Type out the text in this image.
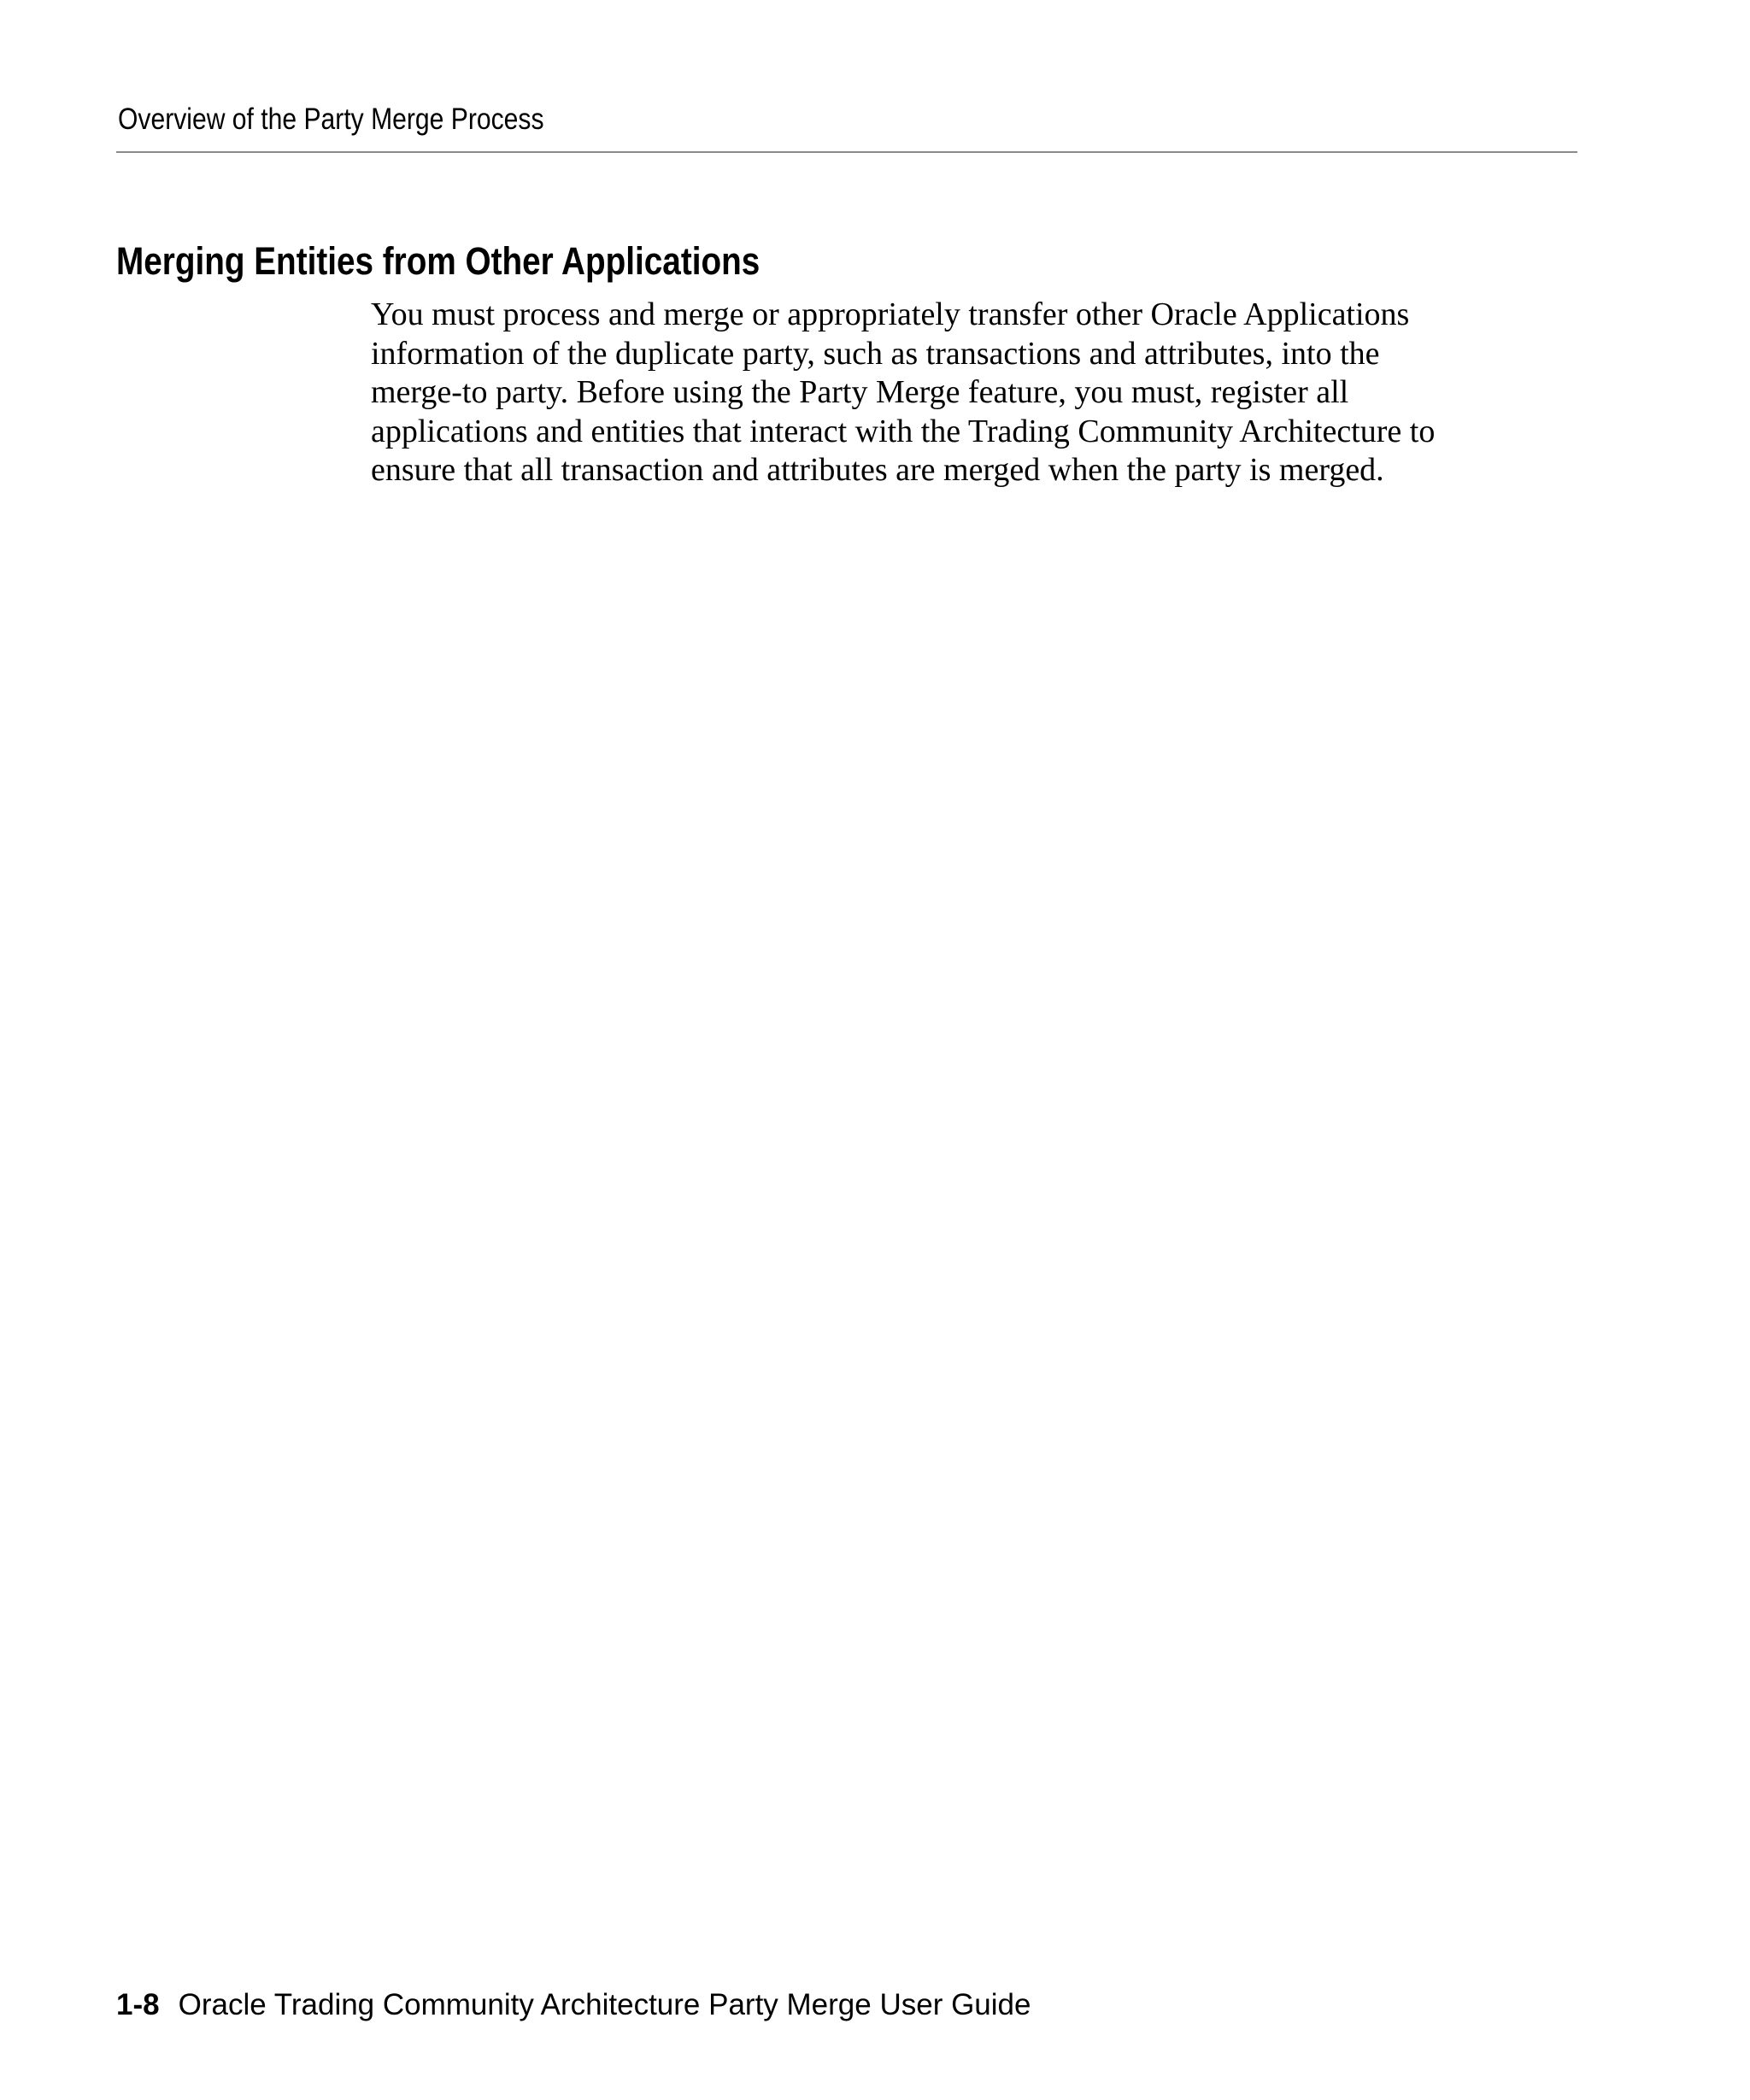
Overview of the Party Merge Process
Merging Entities from Other Applications

You must process and merge or appropriately transfer other Oracle Applications
information of the duplicate party, such as transactions and attributes, into the
merge-to party. Before using the Party Merge feature, you must, register all
applications and entities that interact with the Trading Community Architecture to
ensure that all transaction and attributes are merged when the party is merged.

1-8 Oracle Trading Community Architecture Party Merge User Guide
